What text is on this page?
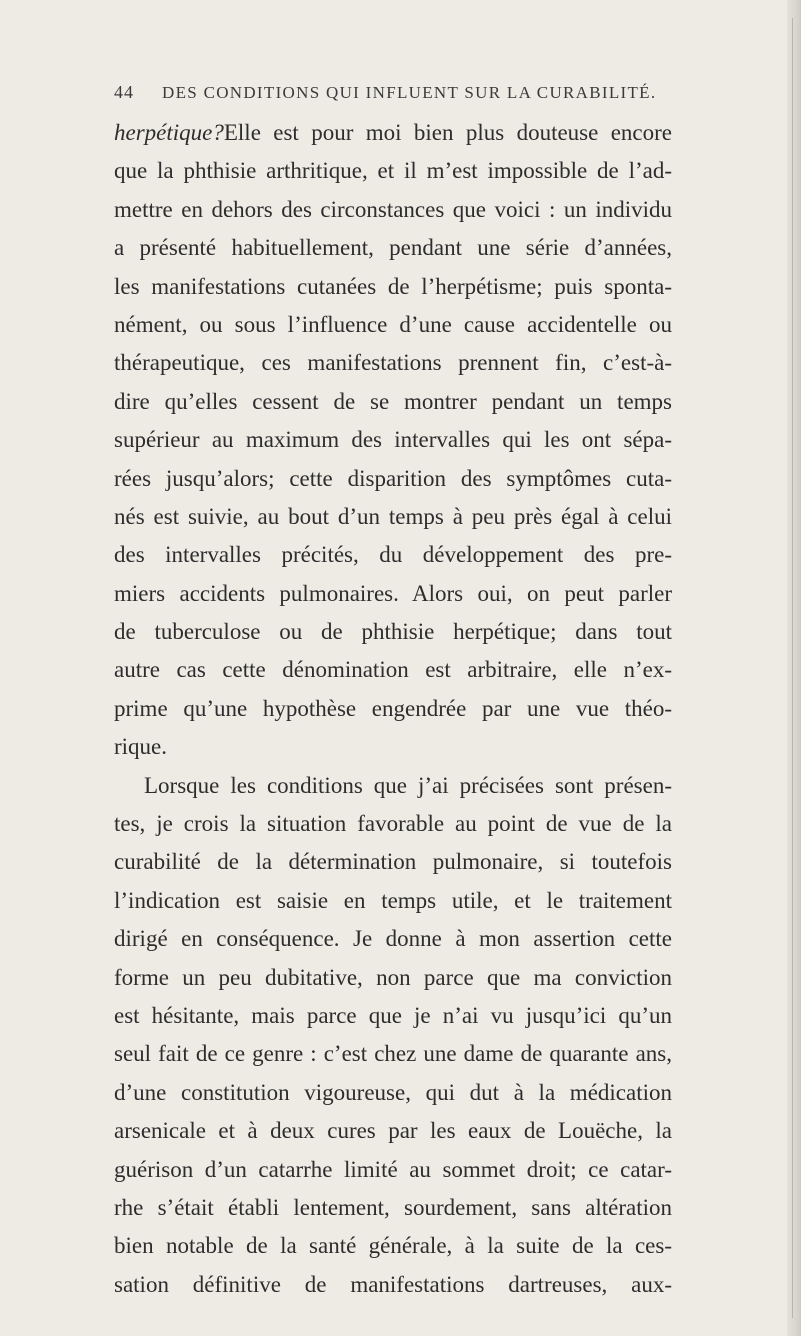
44	DES CONDITIONS QUI INFLUENT SUR LA CURABILITÉ.
herpétique?Elle est pour moi bien plus douteuse encore
que la phthisie arthritique, et il m’est impossible de l’ad-
mettre en dehors des circonstances que voici : un individu
a présenté habituellement, pendant une série d’années,
les manifestations cutanées de l’herpétisme; puis sponta-
nément, ou sous l’influence d’une cause accidentelle ou
thérapeutique, ces manifestations prennent fin, c’est-à-
dire qu’elles cessent de se montrer pendant un temps
supérieur au maximum des intervalles qui les ont sépa-
rées jusqu’alors; cette disparition des symptômes cuta-
nés est suivie, au bout d’un temps à peu près égal à celui
des intervalles précités, du développement des pre-
miers accidents pulmonaires. Alors oui, on peut parler
de tuberculose ou de phthisie herpétique; dans tout
autre cas cette dénomination est arbitraire, elle n’ex-
prime qu’une hypothèse engendrée par une vue théo-
rique.
Lorsque les conditions que j’ai précisées sont présen-
tes, je crois la situation favorable au point de vue de la
curabilité de la détermination pulmonaire, si toutefois
l’indication est saisie en temps utile, et le traitement
dirigé en conséquence. Je donne à mon assertion cette
forme un peu dubitative, non parce que ma conviction
est hésitante, mais parce que je n’ai vu jusqu’ici qu’un
seul fait de ce genre : c’est chez une dame de quarante ans,
d’une constitution vigoureuse, qui dut à la médication
arsenicale et à deux cures par les eaux de Louëche, la
guérison d’un catarrhe limité au sommet droit; ce catar-
rhe s’était établi lentement, sourdement, sans altération
bien notable de la santé générale, à la suite de la ces-
sation définitive de manifestations dartreuses, aux-
